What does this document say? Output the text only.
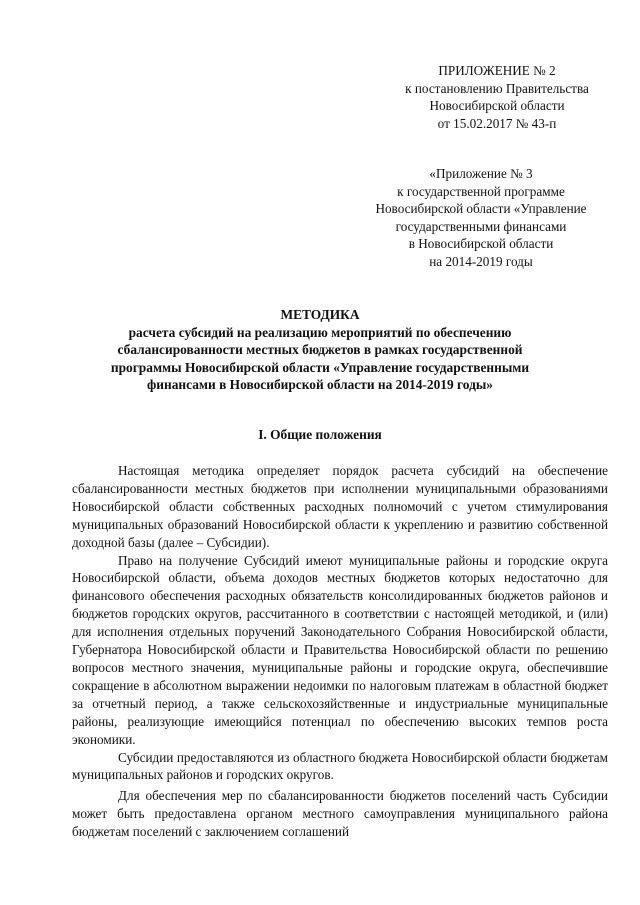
ПРИЛОЖЕНИЕ № 2
к постановлению Правительства
Новосибирской области
от 15.02.2017 № 43-п
«Приложение № 3
к государственной программе
Новосибирской области «Управление
государственными финансами
в Новосибирской области
на 2014-2019 годы
МЕТОДИКА
расчета субсидий на реализацию мероприятий по обеспечению
сбалансированности местных бюджетов в рамках государственной
программы Новосибирской области «Управление государственными
финансами в Новосибирской области на 2014-2019 годы»
I. Общие положения

Настоящая методика определяет порядок расчета субсидий на обеспечение сбалансированности местных бюджетов при исполнении муниципальными образованиями Новосибирской области собственных расходных полномочий с учетом стимулирования муниципальных образований Новосибирской области к укреплению и развитию собственной доходной базы (далее – Субсидии).

Право на получение Субсидий имеют муниципальные районы и городские округа Новосибирской области, объема доходов местных бюджетов которых недостаточно для финансового обеспечения расходных обязательств консолидированных бюджетов районов и бюджетов городских округов, рассчитанного в соответствии с настоящей методикой, и (или) для исполнения отдельных поручений Законодательного Собрания Новосибирской области, Губернатора Новосибирской области и Правительства Новосибирской области по решению вопросов местного значения, муниципальные районы и городские округа, обеспечившие сокращение в абсолютном выражении недоимки по налоговым платежам в областной бюджет за отчетный период, а также сельскохозяйственные и индустриальные муниципальные районы, реализующие имеющийся потенциал по обеспечению высоких темпов роста экономики.

Субсидии предоставляются из областного бюджета Новосибирской области бюджетам муниципальных районов и городских округов.

Для обеспечения мер по сбалансированности бюджетов поселений часть Субсидии может быть предоставлена органом местного самоуправления муниципального района бюджетам поселений с заключением соглашений
